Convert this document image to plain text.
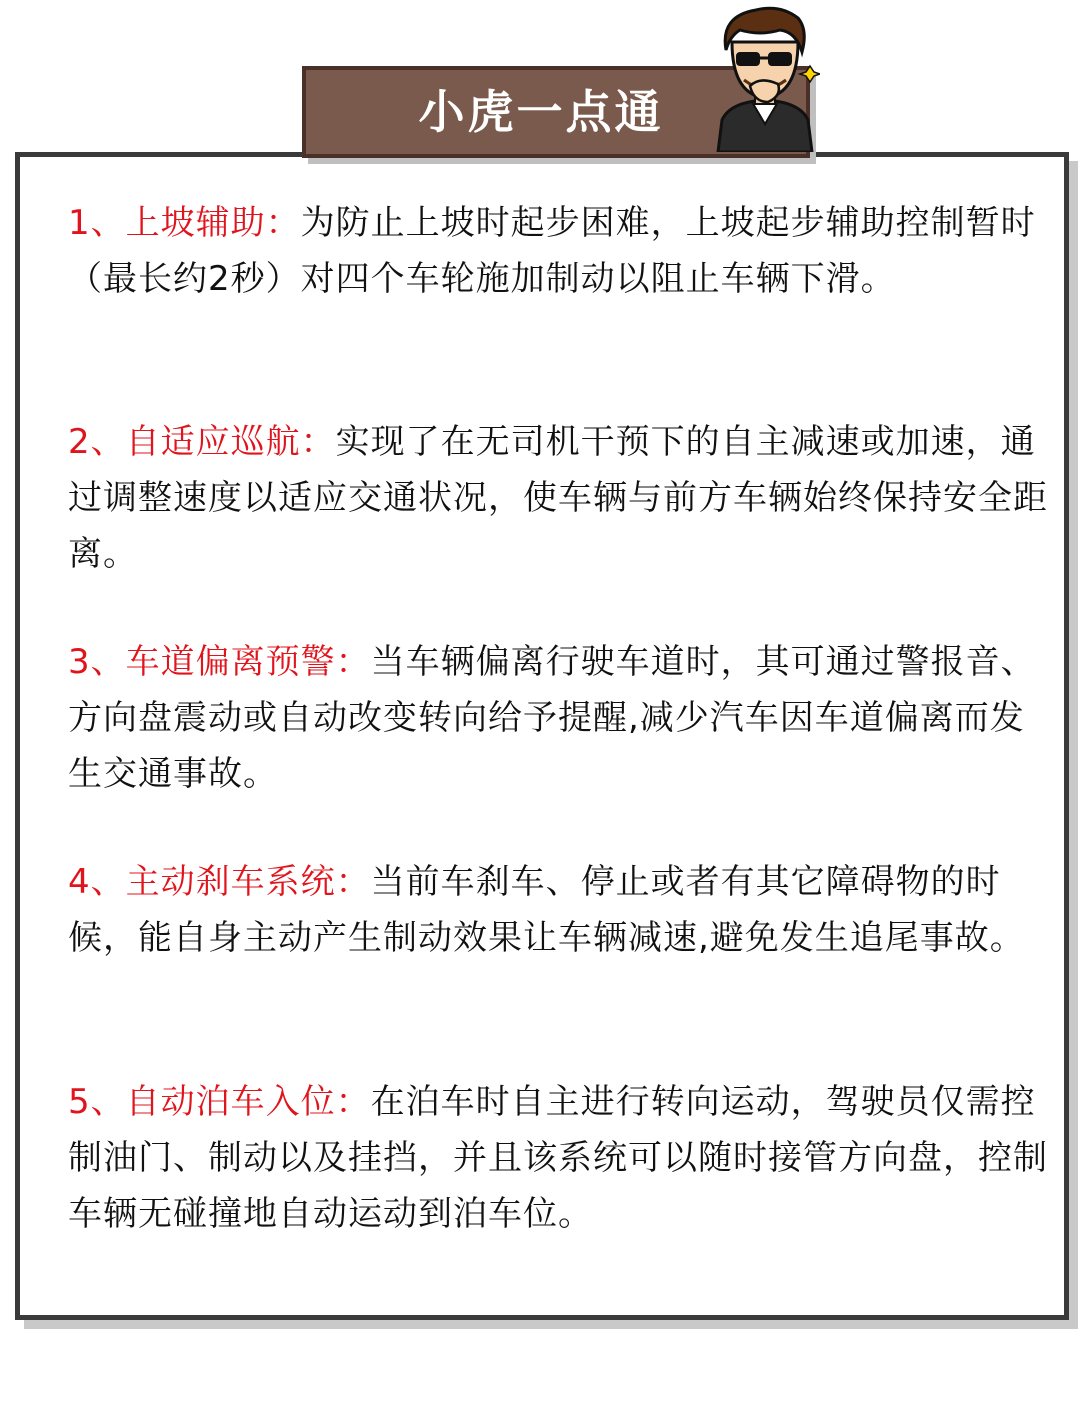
小虎一点通
1、上坡辅助：为防止上坡时起步困难，上坡起步辅助控制暂时（最长约2秒）对四个车轮施加制动以阻止车辆下滑。
2、自适应巡航：实现了在无司机干预下的自主减速或加速，通过调整速度以适应交通状况，使车辆与前方车辆始终保持安全距离。
3、车道偏离预警：当车辆偏离行驶车道时，其可通过警报音、方向盘震动或自动改变转向给予提醒,减少汽车因车道偏离而发生交通事故。
4、主动刹车系统：当前车刹车、停止或者有其它障碍物的时候，能自身主动产生制动效果让车辆减速,避免发生追尾事故。
5、自动泊车入位：在泊车时自主进行转向运动，驾驶员仅需控制油门、制动以及挂挡，并且该系统可以随时接管方向盘，控制车辆无碰撞地自动运动到泊车位。
